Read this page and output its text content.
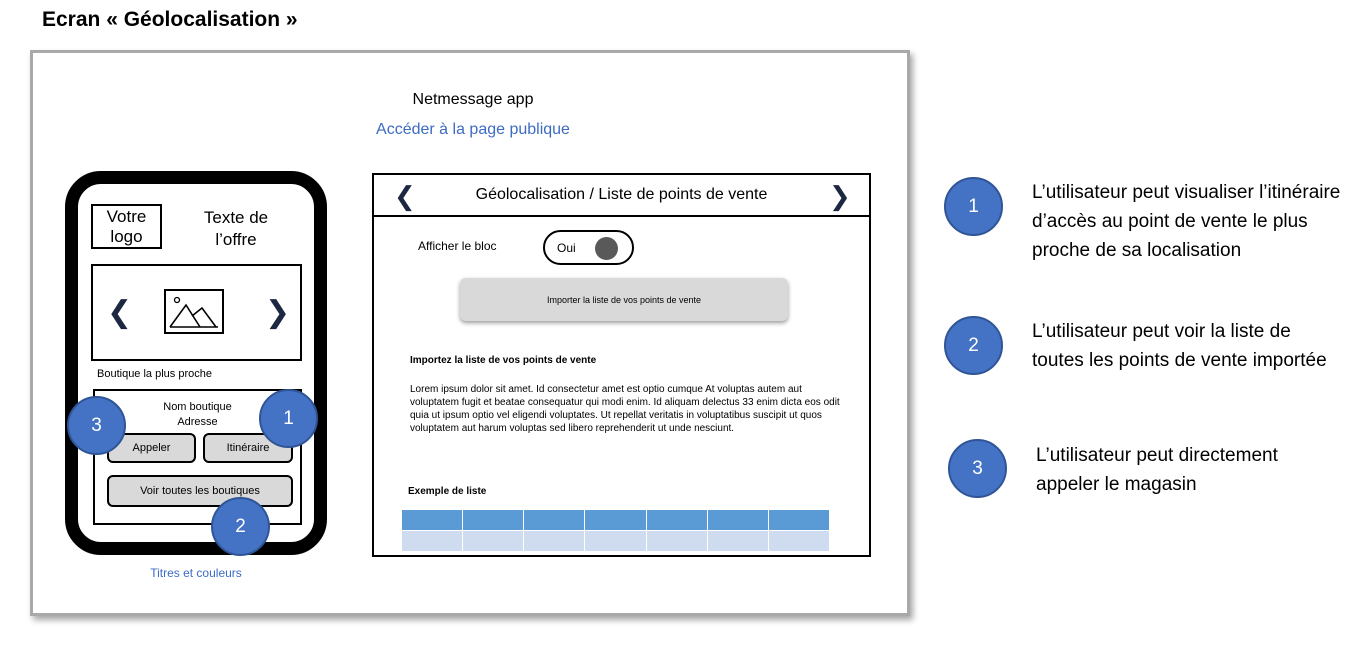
Ecran « Géolocalisation »
Netmessage app
Accéder à la page publique
Votre
logo
Texte de
l’offre
❮	❯
Boutique la plus proche
Nom boutique
Adresse
Appeler	Itinéraire
Voir toutes les boutiques
Titres et couleurs
3	1
2
❮	Géolocalisation / Liste de points de vente	❯
Afficher le bloc	Oui
Importer la liste de vos points de vente
Importez la liste de vos points de vente
Lorem ipsum dolor sit amet. Id consectetur amet est optio cumque At voluptas autem aut voluptatem fugit et beatae consequatur qui modi enim. Id aliquam delectus 33 enim dicta eos odit quia ut ipsum optio vel eligendi voluptates. Ut repellat veritatis in voluptatibus suscipit ut quos voluptatem aut harum voluptas sed libero reprehenderit ut unde nesciunt.
Exemple de liste

1
L’utilisateur peut visualiser l’itinéraire d’accès au point de vente le plus proche de sa localisation
2
L’utilisateur peut voir la liste de toutes les points de vente importée
3
L’utilisateur peut directement appeler le magasin
